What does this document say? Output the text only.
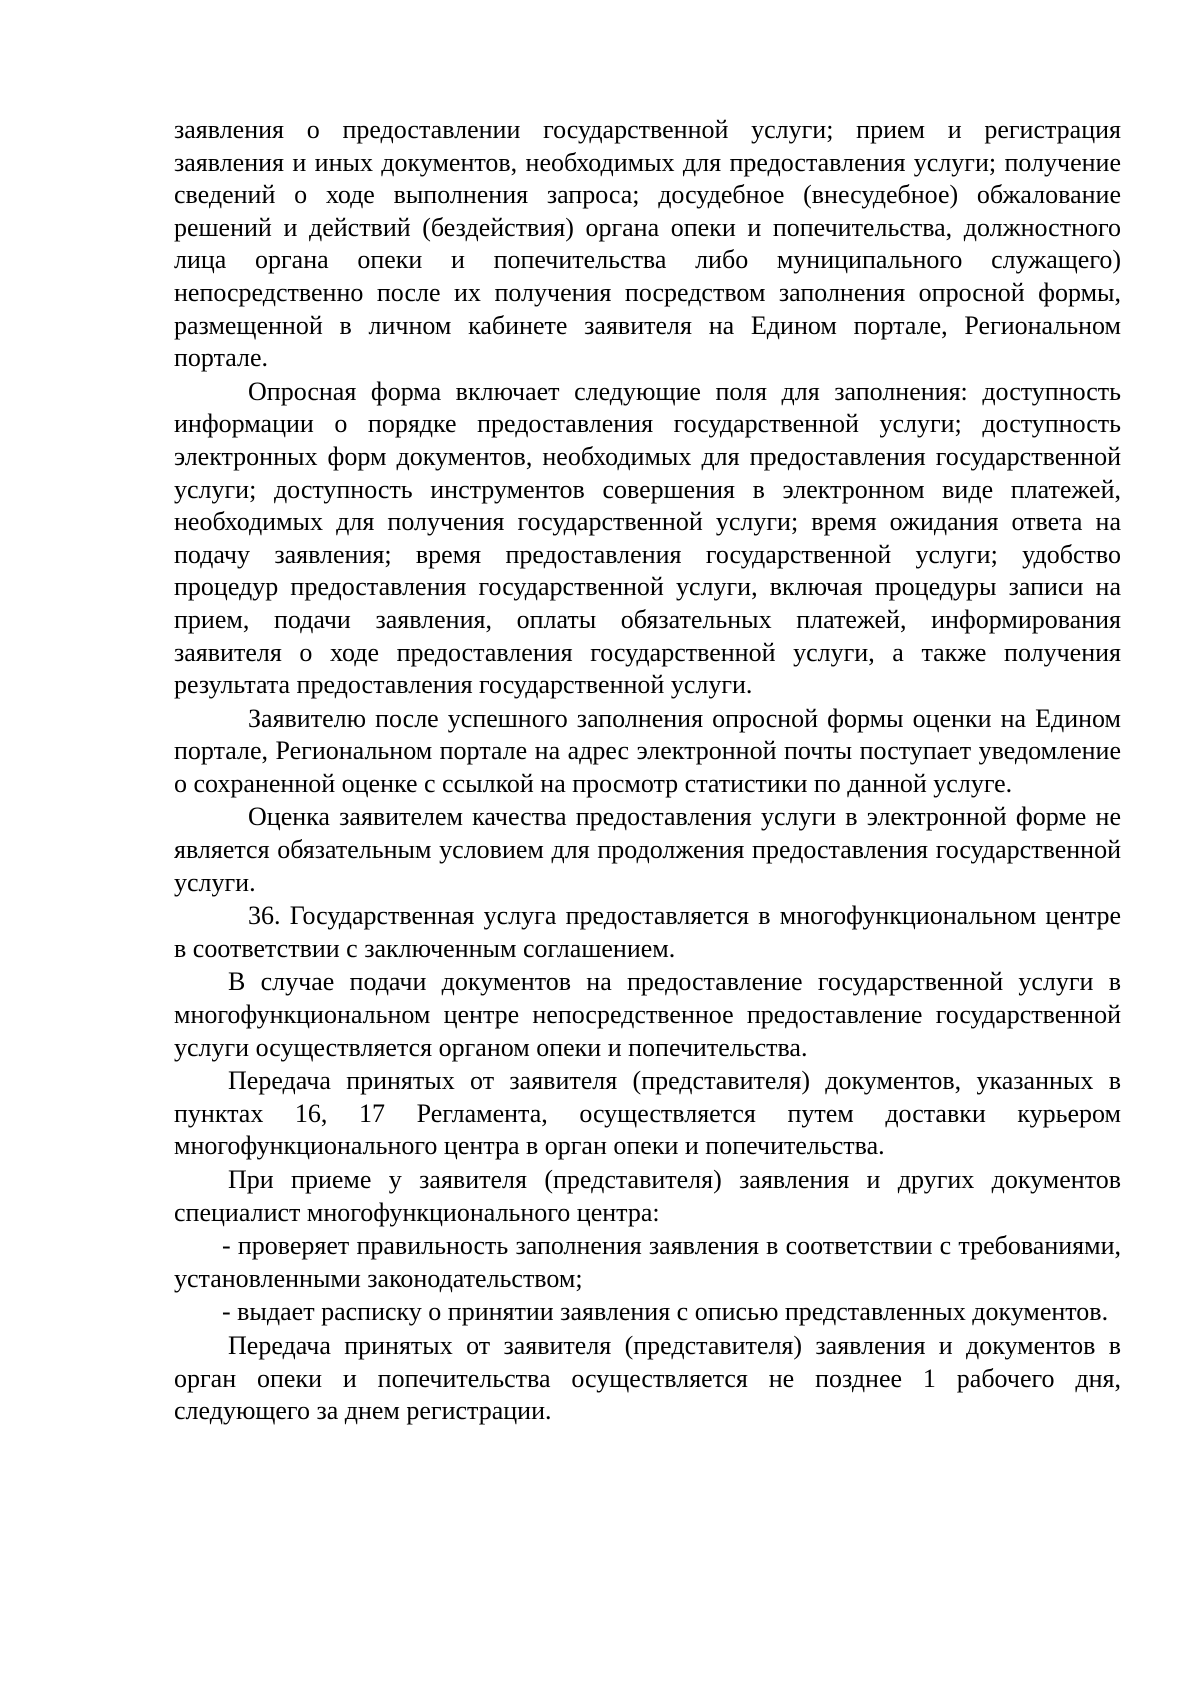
заявления о предоставлении государственной услуги; прием и регистрация заявления и иных документов, необходимых для предоставления услуги; получение сведений о ходе выполнения запроса; досудебное (внесудебное) обжалование решений и действий (бездействия) органа опеки и попечительства, должностного лица органа опеки и попечительства либо муниципального служащего) непосредственно после их получения посредством заполнения опросной формы, размещенной в личном кабинете заявителя на Едином портале, Региональном портале.

Опросная форма включает следующие поля для заполнения: доступность информации о порядке предоставления государственной услуги; доступность электронных форм документов, необходимых для предоставления государственной услуги; доступность инструментов совершения в электронном виде платежей, необходимых для получения государственной услуги; время ожидания ответа на подачу заявления; время предоставления государственной услуги; удобство процедур предоставления государственной услуги, включая процедуры записи на прием, подачи заявления, оплаты обязательных платежей, информирования заявителя о ходе предоставления государственной услуги, а также получения результата предоставления государственной услуги.

Заявителю после успешного заполнения опросной формы оценки на Едином портале, Региональном портале на адрес электронной почты поступает уведомление о сохраненной оценке с ссылкой на просмотр статистики по данной услуге.

Оценка заявителем качества предоставления услуги в электронной форме не является обязательным условием для продолжения предоставления государственной услуги.

36. Государственная услуга предоставляется в многофункциональном центре в соответствии с заключенным соглашением.

В случае подачи документов на предоставление государственной услуги в многофункциональном центре непосредственное предоставление государственной услуги осуществляется органом опеки и попечительства.

Передача принятых от заявителя (представителя) документов, указанных в пунктах 16, 17 Регламента, осуществляется путем доставки курьером многофункционального центра в орган опеки и попечительства.

При приеме у заявителя (представителя) заявления и других документов специалист многофункционального центра:

- проверяет правильность заполнения заявления в соответствии с требованиями, установленными законодательством;

- выдает расписку о принятии заявления с описью представленных документов.

Передача принятых от заявителя (представителя) заявления и документов в орган опеки и попечительства осуществляется не позднее 1 рабочего дня, следующего за днем регистрации.
